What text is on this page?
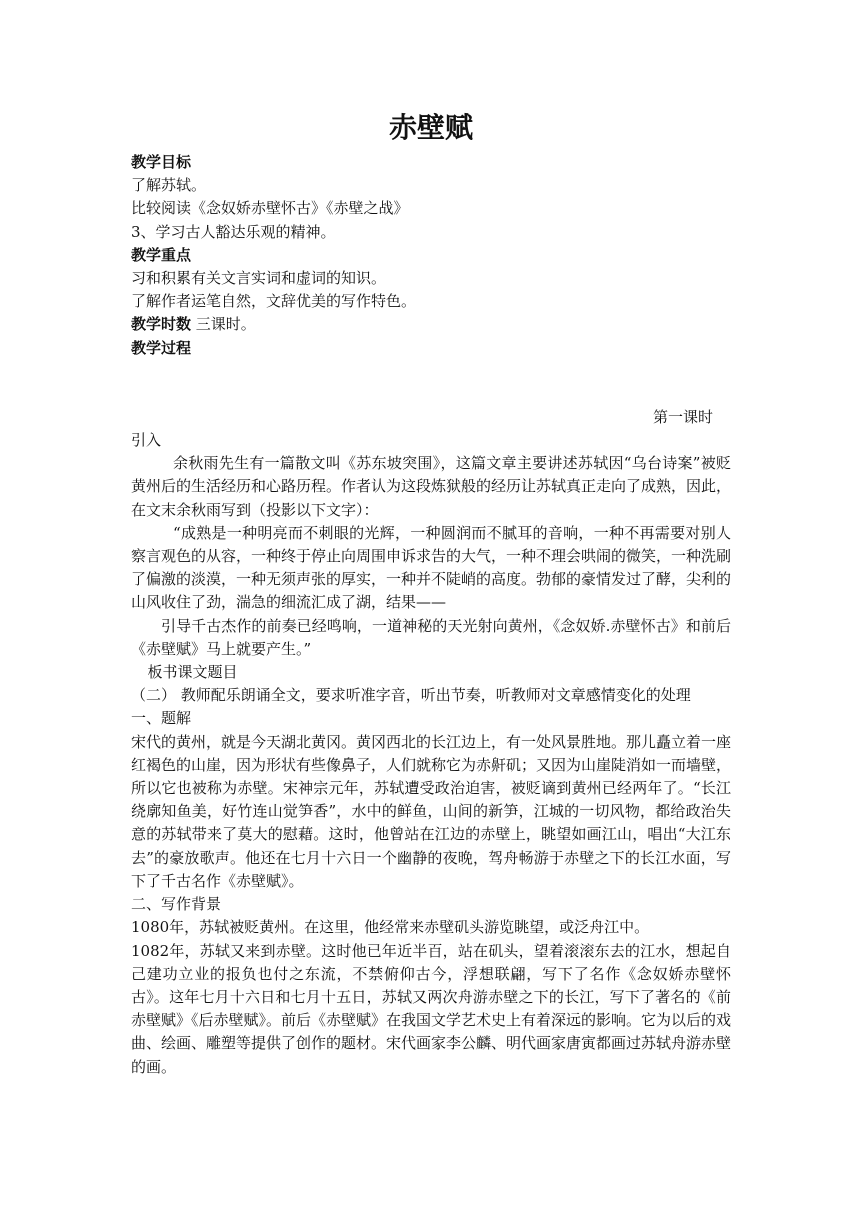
赤壁赋

教学目标

了解苏轼。

比较阅读《念奴娇赤壁怀古》《赤壁之战》

3、学习古人豁达乐观的精神。

教学重点

习和积累有关文言实词和虚词的知识。

了解作者运笔自然，文辞优美的写作特色。

教学时数 三课时。

教学过程

第一课时

引入

余秋雨先生有一篇散文叫《苏东坡突围》，这篇文章主要讲述苏轼因“乌台诗案”被贬黄州后的生活经历和心路历程。作者认为这段炼狱般的经历让苏轼真正走向了成熟，因此，在文末余秋雨写到（投影以下文字）：

“成熟是一种明亮而不刺眼的光辉，一种圆润而不腻耳的音响，一种不再需要对别人察言观色的从容，一种终于停止向周围申诉求告的大气，一种不理会哄闹的微笑，一种洗刷了偏激的淡漠，一种无须声张的厚实，一种并不陡峭的高度。勃郁的豪情发过了酵，尖利的山风收住了劲，湍急的细流汇成了湖，结果——

引导千古杰作的前奏已经鸣响，一道神秘的天光射向黄州，《念奴娇.赤壁怀古》和前后《赤壁赋》马上就要产生。”

板书课文题目

（二） 教师配乐朗诵全文，要求听准字音，听出节奏，听教师对文章感情变化的处理

一、题解

宋代的黄州，就是今天湖北黄冈。黄冈西北的长江边上，有一处风景胜地。那儿矗立着一座红褐色的山崖，因为形状有些像鼻子，人们就称它为赤鼾矶；又因为山崖陡消如一而墙壁，所以它也被称为赤壁。宋神宗元年，苏轼遭受政治迫害，被贬谪到黄州已经两年了。“长江绕廓知鱼美，好竹连山觉笋香”，水中的鲜鱼，山间的新笋，江城的一切风物，都给政治失意的苏轼带来了莫大的慰藉。这时，他曾站在江边的赤壁上，眺望如画江山，唱出“大江东去”的豪放歌声。他还在七月十六日一个幽静的夜晚，驾舟畅游于赤壁之下的长江水面，写下了千古名作《赤壁赋》。

二、写作背景

1080年，苏轼被贬黄州。在这里，他经常来赤壁矶头游览眺望，或泛舟江中。

1082年，苏轼又来到赤壁。这时他已年近半百，站在矶头，望着滚滚东去的江水，想起自己建功立业的报负也付之东流，不禁俯仰古今，浮想联翩，写下了名作《念奴娇赤壁怀古》。这年七月十六日和七月十五日，苏轼又两次舟游赤壁之下的长江，写下了著名的《前赤壁赋》《后赤壁赋》。前后《赤壁赋》在我国文学艺术史上有着深远的影响。它为以后的戏曲、绘画、雕塑等提供了创作的题材。宋代画家李公麟、明代画家唐寅都画过苏轼舟游赤壁的画。
